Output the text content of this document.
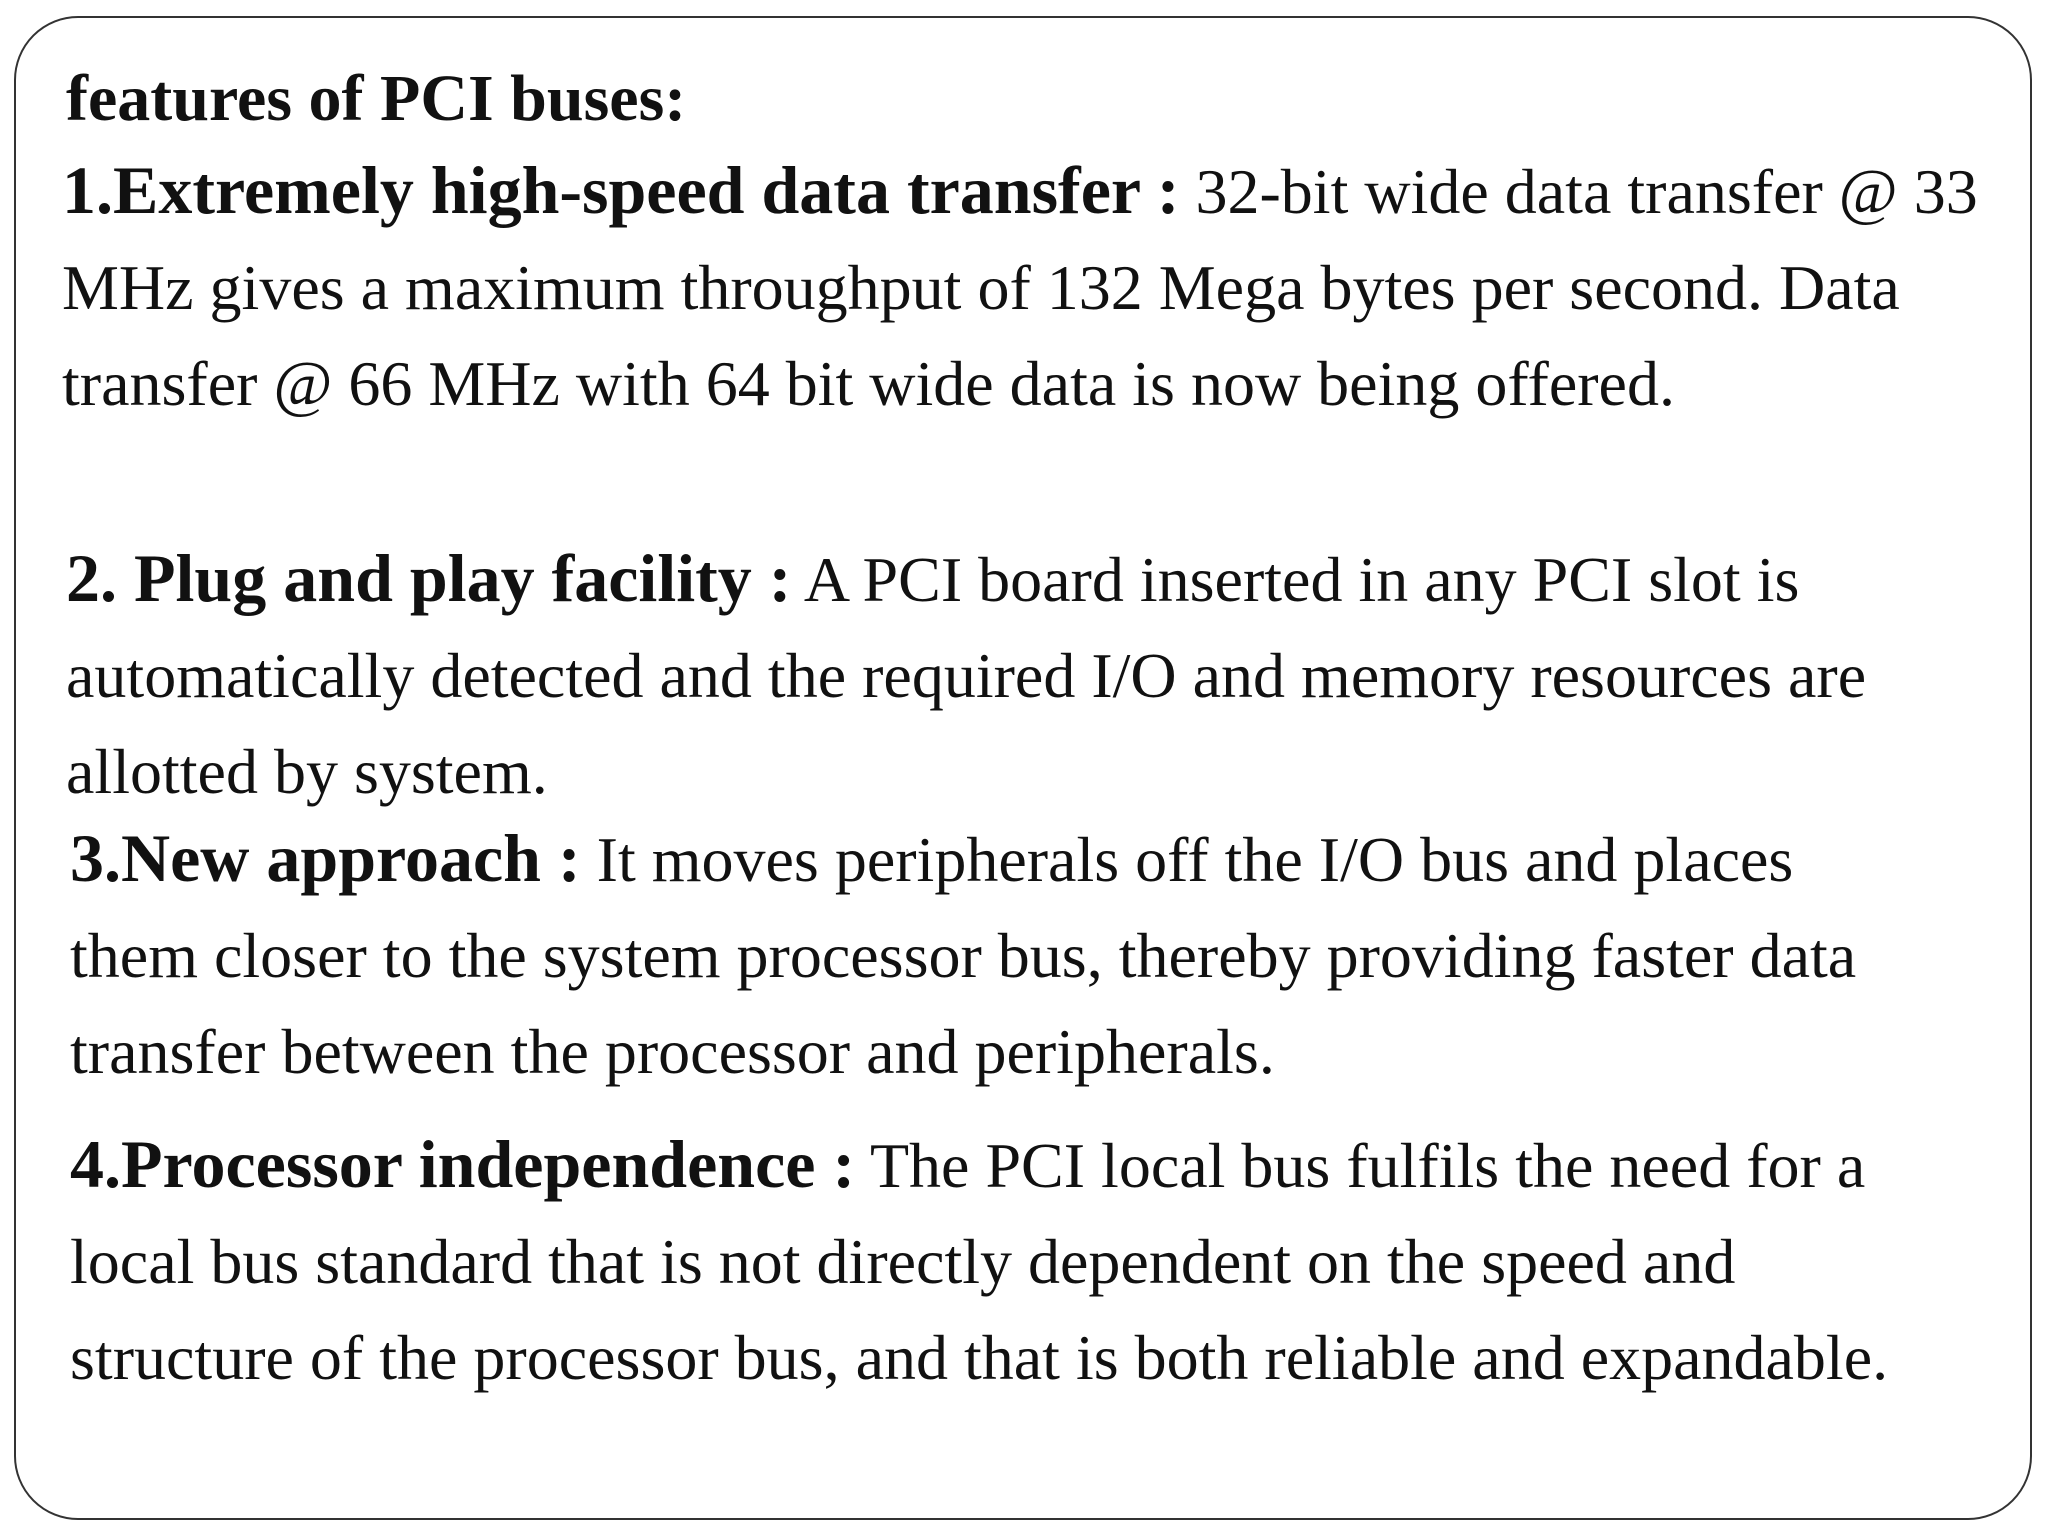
features of PCI buses:
1.Extremely high-speed data transfer : 32-bit wide data transfer @ 33 MHz gives a maximum throughput of 132 Mega bytes per second. Data transfer @ 66 MHz with 64 bit wide data is now being offered.
2. Plug and play facility : A PCI board inserted in any PCI slot is automatically detected and the required I/O and memory resources are allotted by system.
3.New approach : It moves peripherals off the I/O bus and places them closer to the system processor bus, thereby providing faster data transfer between the processor and peripherals.
4.Processor independence : The PCI local bus fulfils the need for a local bus standard that is not directly dependent on the speed and structure of the processor bus, and that is both reliable and expandable.
